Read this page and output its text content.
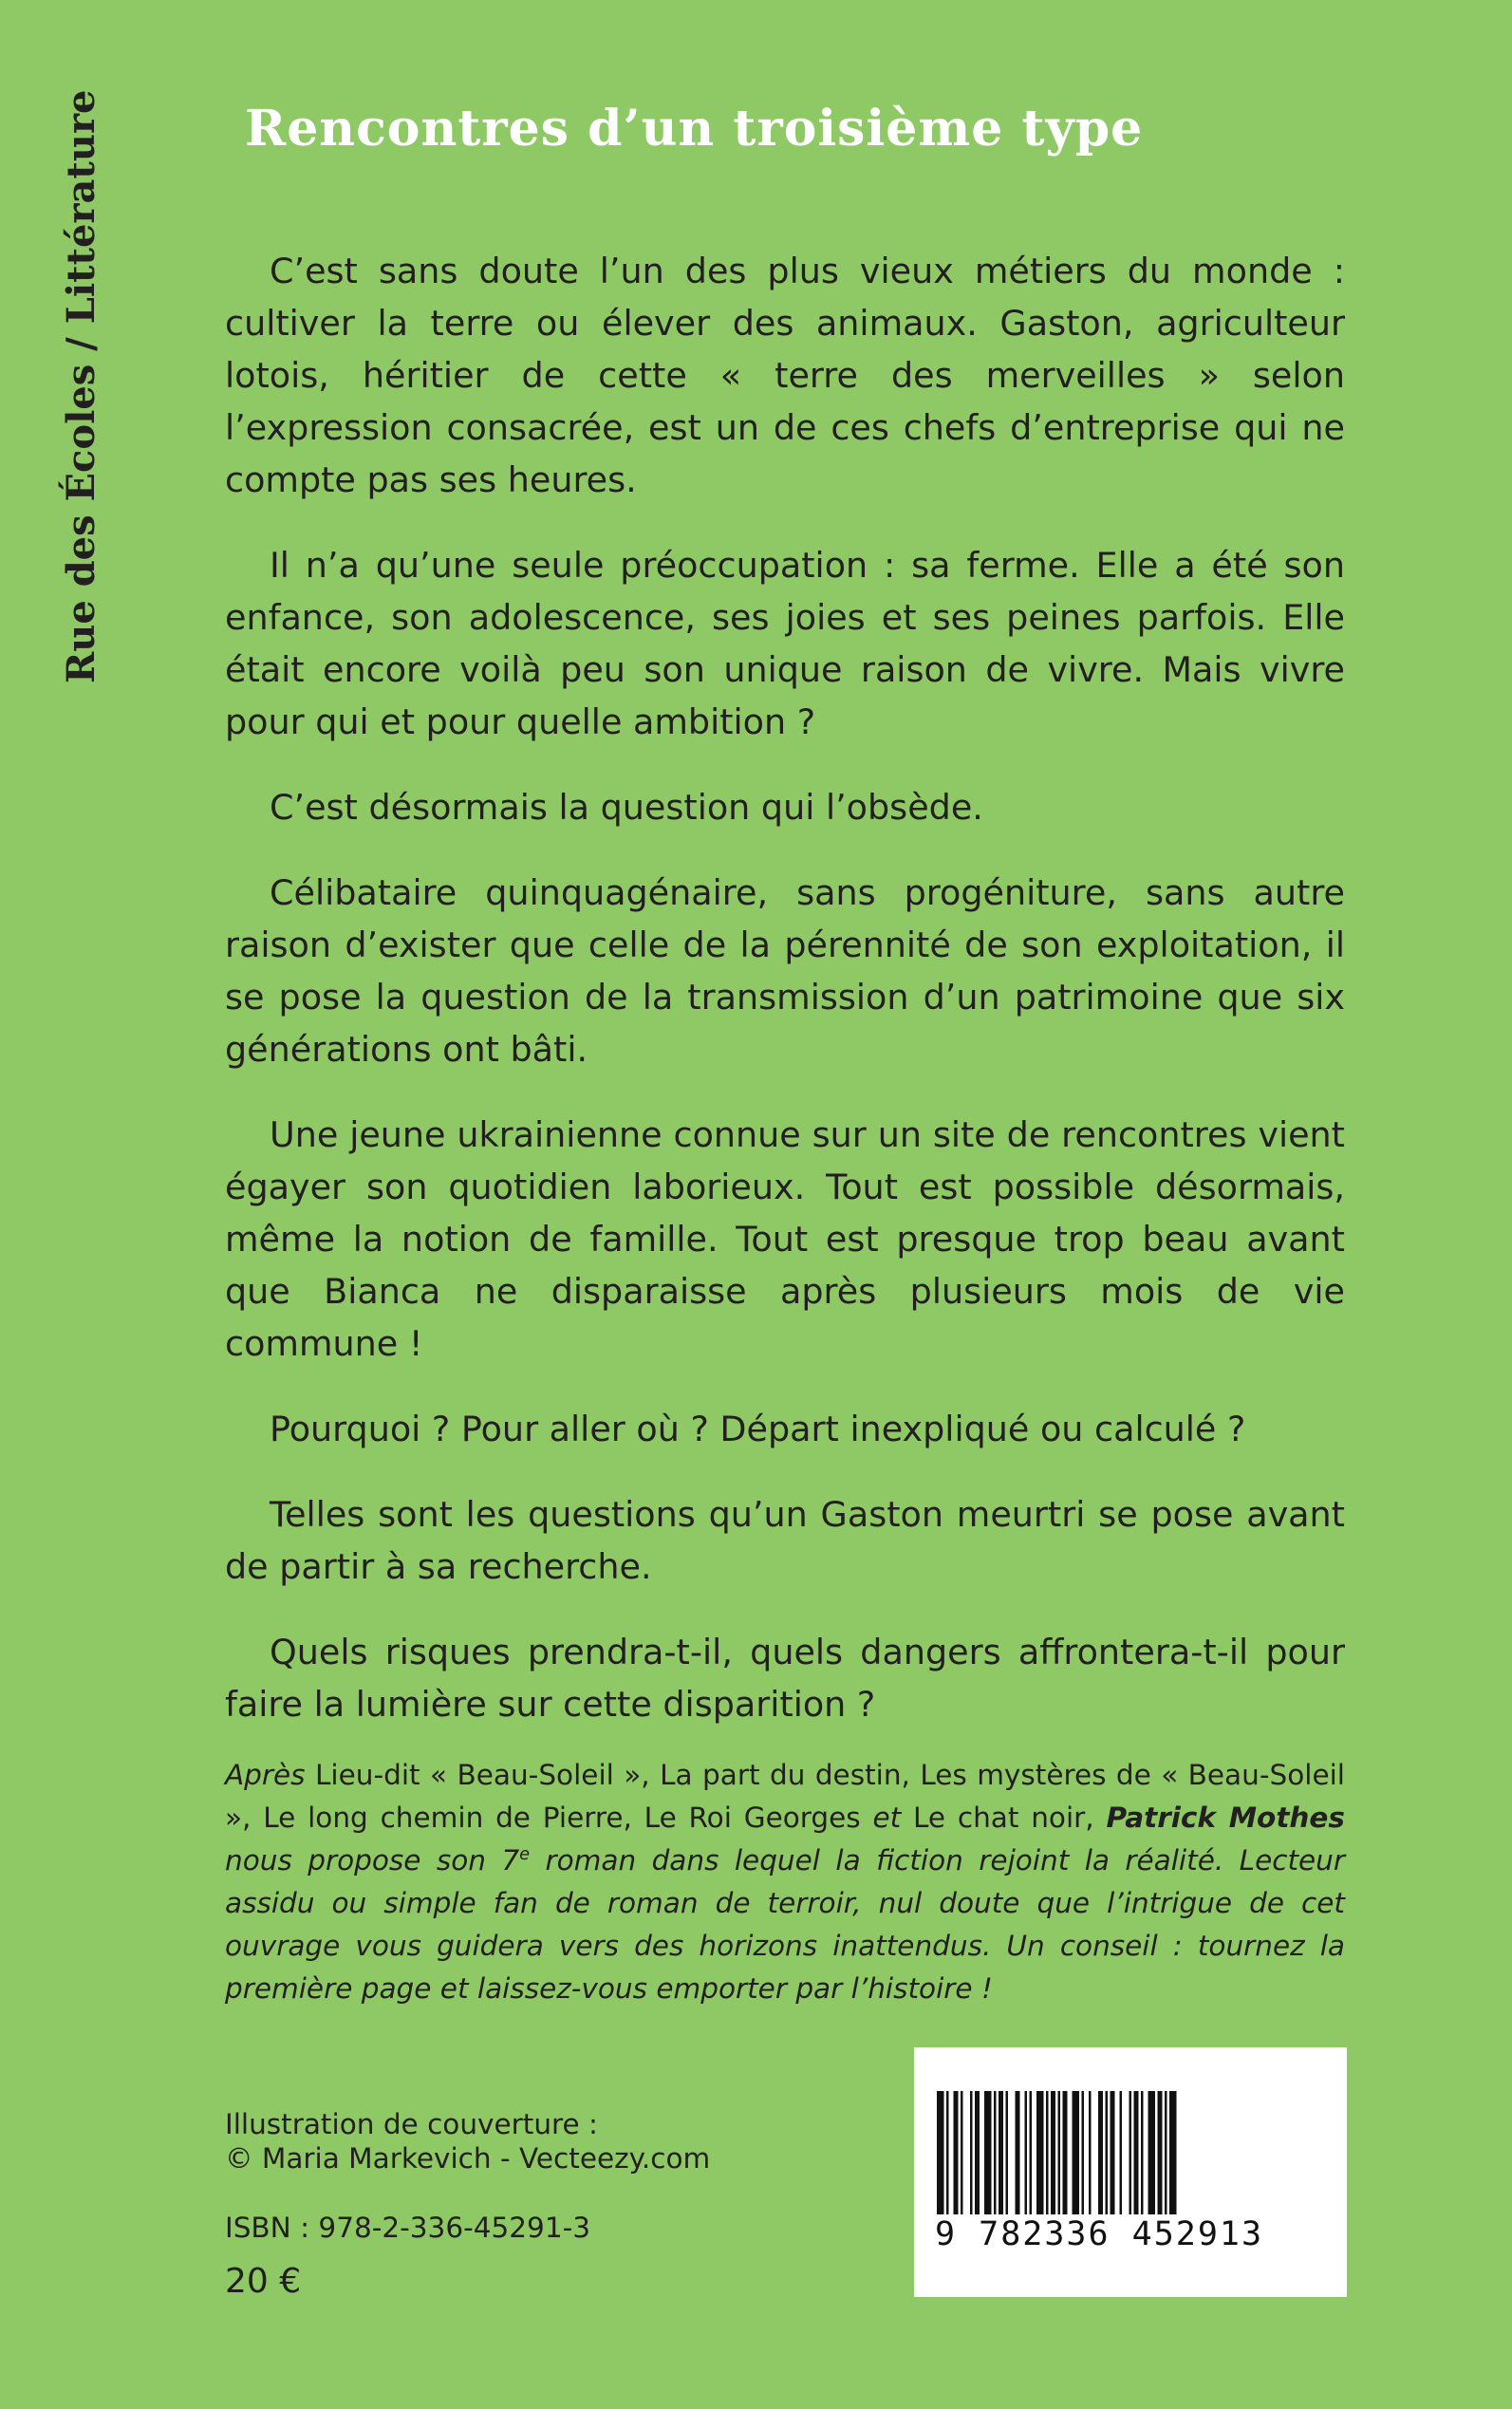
Rue des Écoles / Littérature	Rencontres d’un troisième type

C’est sans doute l’un des plus vieux métiers du monde : cultiver la terre ou élever des animaux. Gaston, agriculteur lotois, héritier de cette « terre des merveilles » selon l’expression consacrée, est un de ces chefs d’entreprise qui ne compte pas ses heures.

Il n’a qu’une seule préoccupation : sa ferme. Elle a été son enfance, son adolescence, ses joies et ses peines parfois. Elle était encore voilà peu son unique raison de vivre. Mais vivre pour qui et pour quelle ambition ?

C’est désormais la question qui l’obsède.

Célibataire quinquagénaire, sans progéniture, sans autre raison d’exister que celle de la pérennité de son exploitation, il se pose la question de la transmission d’un patrimoine que six générations ont bâti.

Une jeune ukrainienne connue sur un site de rencontres vient égayer son quotidien laborieux. Tout est possible désormais, même la notion de famille. Tout est presque trop beau avant que Bianca ne disparaisse après plusieurs mois de vie commune !

Pourquoi ? Pour aller où ? Départ inexpliqué ou calculé ?

Telles sont les questions qu’un Gaston meurtri se pose avant de partir à sa recherche.

Quels risques prendra-t-il, quels dangers affrontera-t-il pour faire la lumière sur cette disparition ?

Après Lieu-dit « Beau-Soleil », La part du destin, Les mystères de « Beau-Soleil », Le long chemin de Pierre, Le Roi Georges et Le chat noir, Patrick Mothes nous propose son 7e roman dans lequel la fiction rejoint la réalité. Lecteur assidu ou simple fan de roman de terroir, nul doute que l’intrigue de cet ouvrage vous guidera vers des horizons inattendus. Un conseil : tournez la première page et laissez-vous emporter par l’histoire !
Illustration de couverture :
© Maria Markevich - Vecteezy.com
ISBN : 978-2-336-45291-3
20 €
9 782336 452913
